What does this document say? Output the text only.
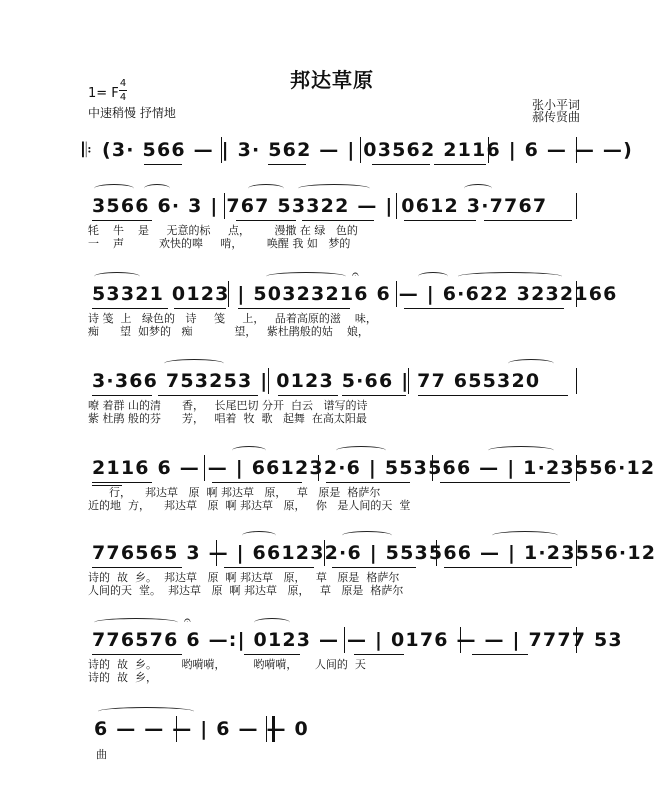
邦达草原
1= F
4
4
中速稍慢 抒情地
张小平词
郝传贤曲
𝄆 (3· 566 — | 3· 562 — | 03562 2116 | 6 — — —)
3566 6· 3 | 767 53322 — | 0612 3·7767
牦    牛    是     无意的标     点，       漫撒 在 绿   色的
一    声          欢快的嗥     啃，       唤醒 我 如   梦的
53321 0123 | 50323216 6 — | 6·622 3232166
𝄐
诗 笺  上   绿色的   诗     笺     上，   品着高原的滋    味，
痴      望  如梦的   痴            望，   紫杜鹃般的姑    娘，
3·366 753253 | 0123 5·66 | 77 655320
嘹 着群 山的清      香，   长尾巴切 分开  白云   谱写的诗
紫 杜鹃 般的芬      芳，   唱着  牧  歌   起舞  在高太阳最
2116 6 — — | 661232·6 | 553566 — | 1·23556·12
行，    邦达草   原  啊 邦达草   原，   草   原是  格萨尔
近的地  方，    邦达草   原  啊 邦达草   原，   你   是人间的天  堂
776565 3 — | 661232·6 | 553566 — | 1·23556·12
诗的  故  乡。  邦达草   原  啊 邦达草   原，   草   原是  格萨尔
人间的天  堂。  邦达草   原  啊 邦达草   原，   草   原是  格萨尔
776576 6 —:| 0123 — — | 0176 — — | 7777 53
𝄐
诗的  故  乡。       哟嗬嗬，        哟嗬嗬，     人间的  天
诗的  故  乡，
6 — — — | 6 — — 0
曲
